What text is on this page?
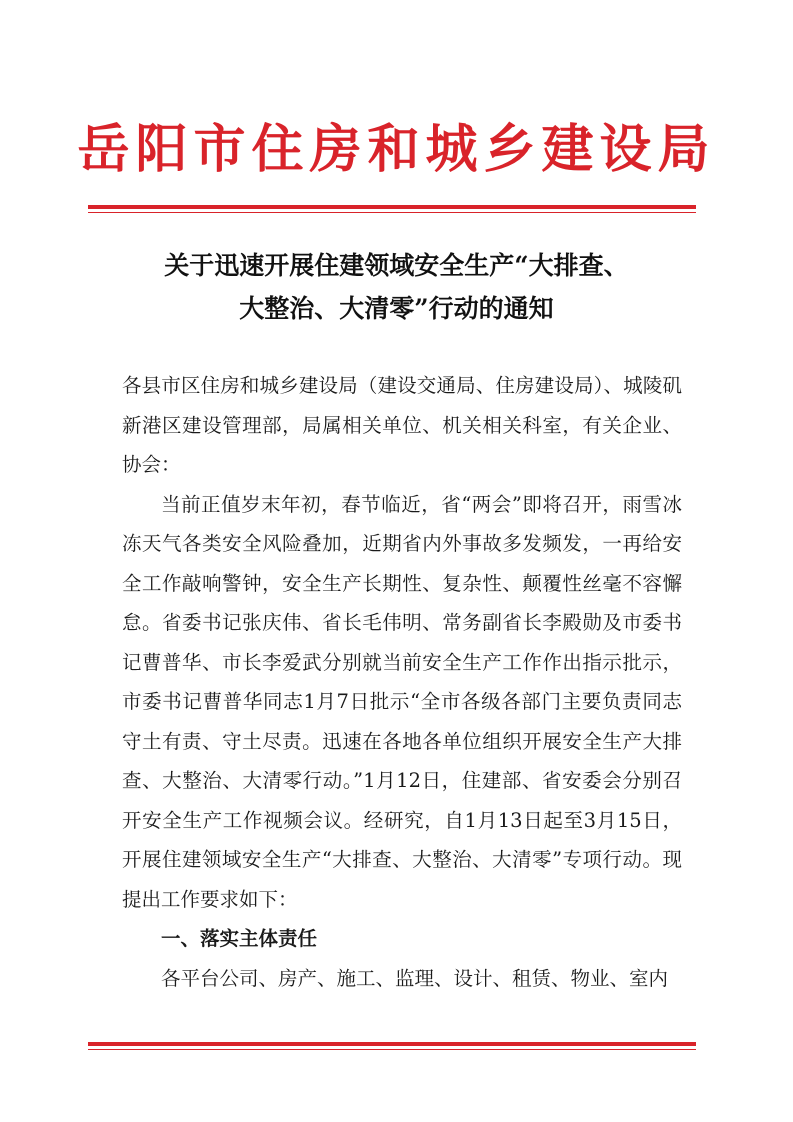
岳阳市住房和城乡建设局
关于迅速开展住建领域安全生产“大排查、
大整治、大清零”行动的通知

各县市区住房和城乡建设局（建设交通局、住房建设局）、城陵矶新港区建设管理部，局属相关单位、机关相关科室，有关企业、协会：

当前正值岁末年初，春节临近，省“两会”即将召开，雨雪冰冻天气各类安全风险叠加，近期省内外事故多发频发，一再给安全工作敲响警钟，安全生产长期性、复杂性、颠覆性丝毫不容懈怠。省委书记张庆伟、省长毛伟明、常务副省长李殿勋及市委书记曹普华、市长李爱武分别就当前安全生产工作作出指示批示，市委书记曹普华同志1月7日批示“全市各级各部门主要负责同志守土有责、守土尽责。迅速在各地各单位组织开展安全生产大排查、大整治、大清零行动。”1月12日，住建部、省安委会分别召开安全生产工作视频会议。经研究，自1月13日起至3月15日，开展住建领域安全生产“大排查、大整治、大清零”专项行动。现提出工作要求如下：

一、落实主体责任

各平台公司、房产、施工、监理、设计、租赁、物业、室内
